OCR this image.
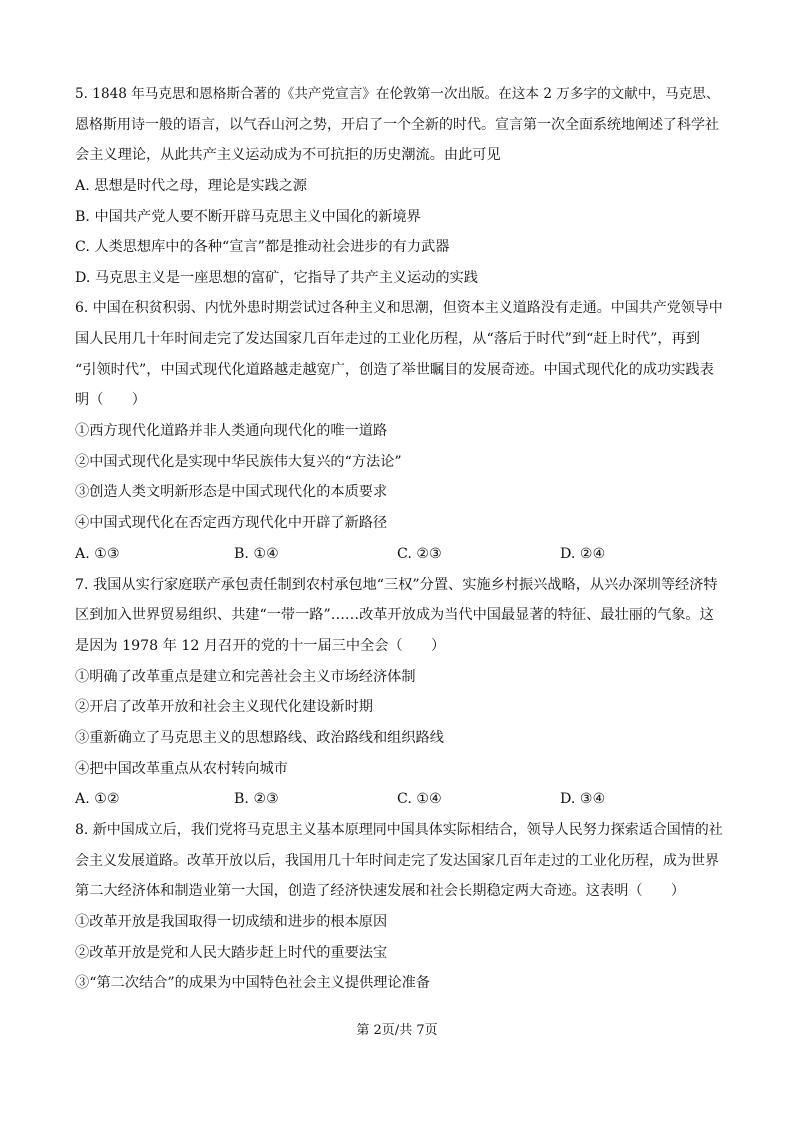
5. 1848 年马克思和恩格斯合著的《共产党宣言》在伦敦第一次出版。在这本 2 万多字的文献中，马克思、
恩格斯用诗一般的语言，以气吞山河之势，开启了一个全新的时代。宣言第一次全面系统地阐述了科学社
会主义理论，从此共产主义运动成为不可抗拒的历史潮流。由此可见
A. 思想是时代之母，理论是实践之源
B. 中国共产党人要不断开辟马克思主义中国化的新境界
C. 人类思想库中的各种“宣言”都是推动社会进步的有力武器
D. 马克思主义是一座思想的富矿，它指导了共产主义运动的实践
6. 中国在积贫积弱、内忧外患时期尝试过各种主义和思潮，但资本主义道路没有走通。中国共产党领导中
国人民用几十年时间走完了发达国家几百年走过的工业化历程，从“落后于时代”到“赶上时代”，再到
“引领时代”，中国式现代化道路越走越宽广，创造了举世瞩目的发展奇迹。中国式现代化的成功实践表
明（　　）
①西方现代化道路并非人类通向现代化的唯一道路
②中国式现代化是实现中华民族伟大复兴的“方法论”
③创造人类文明新形态是中国式现代化的本质要求
④中国式现代化在否定西方现代化中开辟了新路径
A. ①③	B. ①④	C. ②③	D. ②④
7. 我国从实行家庭联产承包责任制到农村承包地“三权”分置、实施乡村振兴战略，从兴办深圳等经济特
区到加入世界贸易组织、共建“一带一路”……改革开放成为当代中国最显著的特征、最壮丽的气象。这
是因为 1978 年 12 月召开的党的十一届三中全会（　　）
①明确了改革重点是建立和完善社会主义市场经济体制
②开启了改革开放和社会主义现代化建设新时期
③重新确立了马克思主义的思想路线、政治路线和组织路线
④把中国改革重点从农村转向城市
A. ①②	B. ②③	C. ①④	D. ③④
8. 新中国成立后，我们党将马克思主义基本原理同中国具体实际相结合，领导人民努力探索适合国情的社
会主义发展道路。改革开放以后，我国用几十年时间走完了发达国家几百年走过的工业化历程，成为世界
第二大经济体和制造业第一大国，创造了经济快速发展和社会长期稳定两大奇迹。这表明（　　）
①改革开放是我国取得一切成绩和进步的根本原因
②改革开放是党和人民大踏步赶上时代的重要法宝
③“第二次结合”的成果为中国特色社会主义提供理论准备
第 2页/共 7页
